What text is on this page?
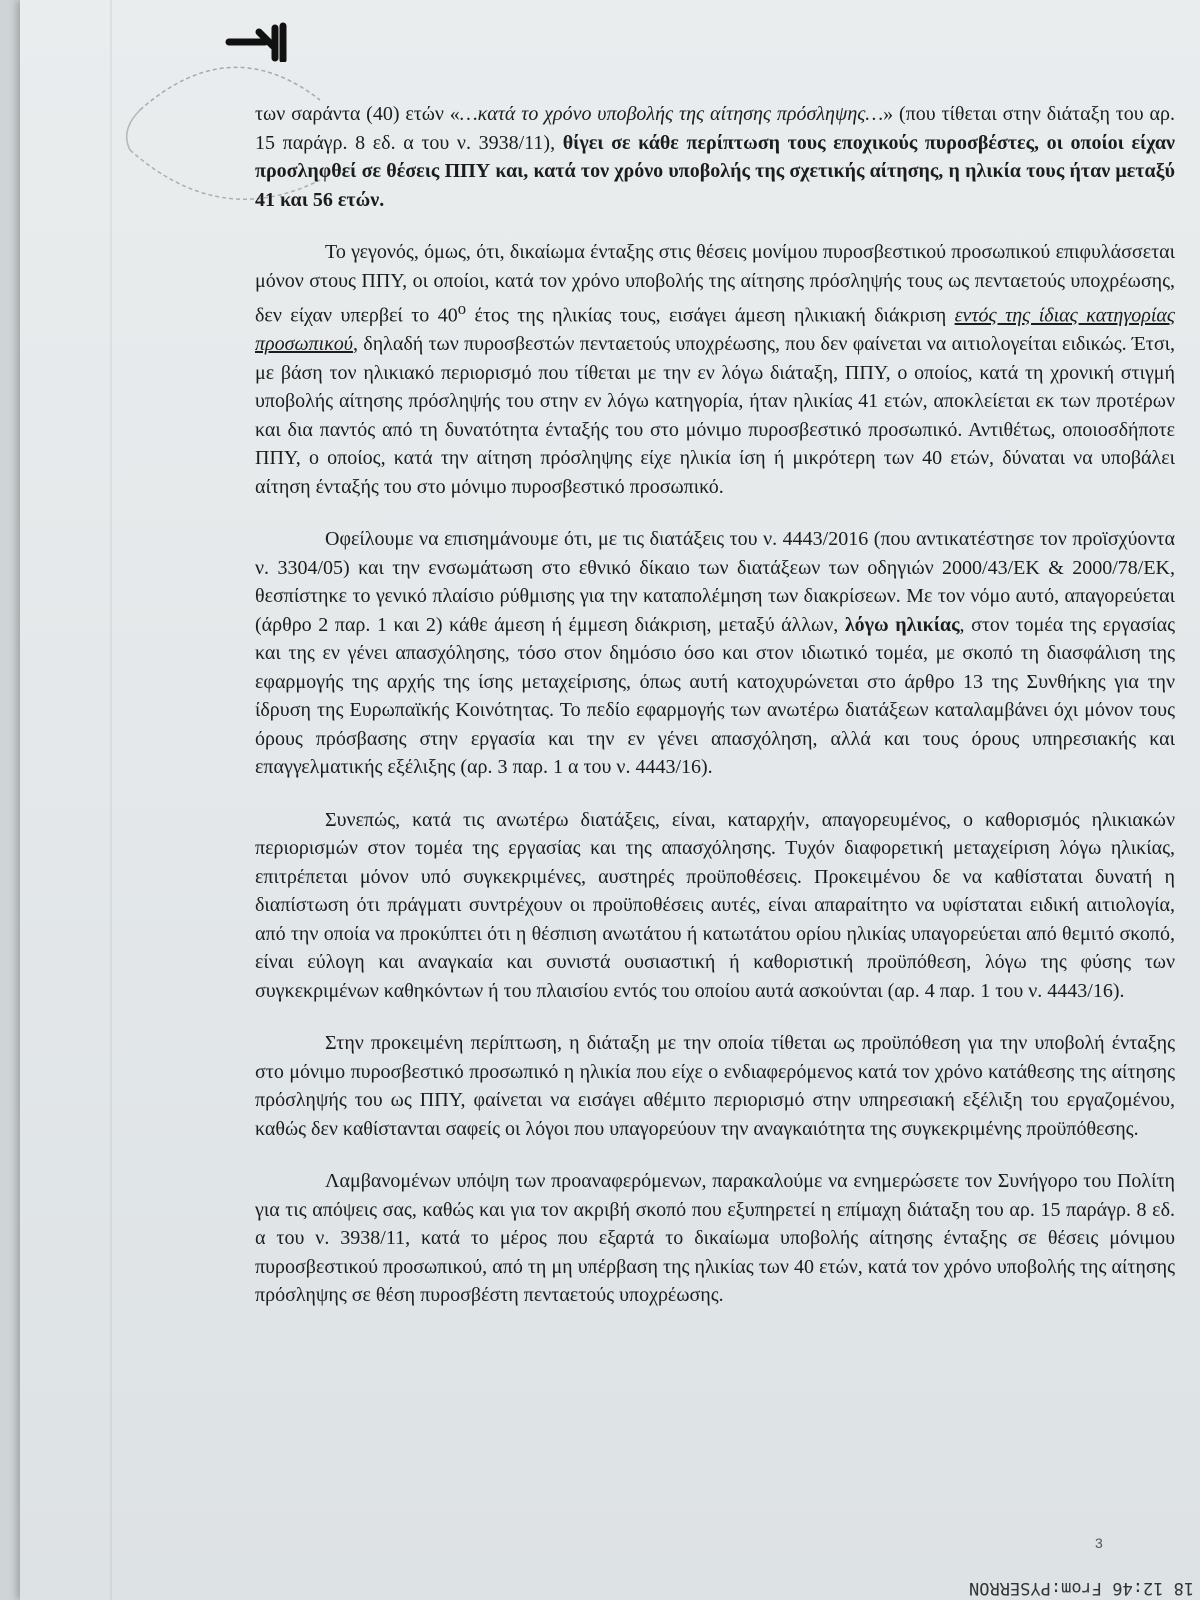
των σαράντα (40) ετών «…κατά το χρόνο υποβολής της αίτησης πρόσληψης…» (που τίθεται στην διάταξη του αρ. 15 παράγρ. 8 εδ. α του ν. 3938/11), θίγει σε κάθε περίπτωση τους εποχικούς πυροσβέστες, οι οποίοι είχαν προσληφθεί σε θέσεις ΠΠΥ και, κατά τον χρόνο υποβολής της σχετικής αίτησης, η ηλικία τους ήταν μεταξύ 41 και 56 ετών.

Το γεγονός, όμως, ότι, δικαίωμα ένταξης στις θέσεις μονίμου πυροσβεστικού προσωπικού επιφυλάσσεται μόνον στους ΠΠΥ, οι οποίοι, κατά τον χρόνο υποβολής της αίτησης πρόσληψής τους ως πενταετούς υποχρέωσης, δεν είχαν υπερβεί το $40^o$ έτος της ηλικίας τους, εισάγει άμεση ηλικιακή διάκριση εντός της ίδιας κατηγορίας προσωπικού, δηλαδή των πυροσβεστών πενταετούς υποχρέωσης, που δεν φαίνεται να αιτιολογείται ειδικώς. Έτσι, με βάση τον ηλικιακό περιορισμό που τίθεται με την εν λόγω διάταξη, ΠΠΥ, ο οποίος, κατά τη χρονική στιγμή υποβολής αίτησης πρόσληψής του στην εν λόγω κατηγορία, ήταν ηλικίας 41 ετών, αποκλείεται εκ των προτέρων και δια παντός από τη δυνατότητα ένταξής του στο μόνιμο πυροσβεστικό προσωπικό. Αντιθέτως, οποιοσδήποτε ΠΠΥ, ο οποίος, κατά την αίτηση πρόσληψης είχε ηλικία ίση ή μικρότερη των 40 ετών, δύναται να υποβάλει αίτηση ένταξής του στο μόνιμο πυροσβεστικό προσωπικό.

Οφείλουμε να επισημάνουμε ότι, με τις διατάξεις του ν. 4443/2016 (που αντικατέστησε τον προϊσχύοντα ν. 3304/05) και την ενσωμάτωση στο εθνικό δίκαιο των διατάξεων των οδηγιών 2000/43/ΕΚ & 2000/78/ΕΚ, θεσπίστηκε το γενικό πλαίσιο ρύθμισης για την καταπολέμηση των διακρίσεων. Με τον νόμο αυτό, απαγορεύεται (άρθρο 2 παρ. 1 και 2) κάθε άμεση ή έμμεση διάκριση, μεταξύ άλλων, λόγω ηλικίας, στον τομέα της εργασίας και της εν γένει απασχόλησης, τόσο στον δημόσιο όσο και στον ιδιωτικό τομέα, με σκοπό τη διασφάλιση της εφαρμογής της αρχής της ίσης μεταχείρισης, όπως αυτή κατοχυρώνεται στο άρθρο 13 της Συνθήκης για την ίδρυση της Ευρωπαϊκής Κοινότητας. Το πεδίο εφαρμογής των ανωτέρω διατάξεων καταλαμβάνει όχι μόνον τους όρους πρόσβασης στην εργασία και την εν γένει απασχόληση, αλλά και τους όρους υπηρεσιακής και επαγγελματικής εξέλιξης (αρ. 3 παρ. 1 α του ν. 4443/16).

Συνεπώς, κατά τις ανωτέρω διατάξεις, είναι, καταρχήν, απαγορευμένος, ο καθορισμός ηλικιακών περιορισμών στον τομέα της εργασίας και της απασχόλησης. Τυχόν διαφορετική μεταχείριση λόγω ηλικίας, επιτρέπεται μόνον υπό συγκεκριμένες, αυστηρές προϋποθέσεις. Προκειμένου δε να καθίσταται δυνατή η διαπίστωση ότι πράγματι συντρέχουν οι προϋποθέσεις αυτές, είναι απαραίτητο να υφίσταται ειδική αιτιολογία, από την οποία να προκύπτει ότι η θέσπιση ανωτάτου ή κατωτάτου ορίου ηλικίας υπαγορεύεται από θεμιτό σκοπό, είναι εύλογη και αναγκαία και συνιστά ουσιαστική ή καθοριστική προϋπόθεση, λόγω της φύσης των συγκεκριμένων καθηκόντων ή του πλαισίου εντός του οποίου αυτά ασκούνται (αρ. 4 παρ. 1 του ν. 4443/16).

Στην προκειμένη περίπτωση, η διάταξη με την οποία τίθεται ως προϋπόθεση για την υποβολή ένταξης στο μόνιμο πυροσβεστικό προσωπικό η ηλικία που είχε ο ενδιαφερόμενος κατά τον χρόνο κατάθεσης της αίτησης πρόσληψής του ως ΠΠΥ, φαίνεται να εισάγει αθέμιτο περιορισμό στην υπηρεσιακή εξέλιξη του εργαζομένου, καθώς δεν καθίστανται σαφείς οι λόγοι που υπαγορεύουν την αναγκαιότητα της συγκεκριμένης προϋπόθεσης.

Λαμβανομένων υπόψη των προαναφερόμενων, παρακαλούμε να ενημερώσετε τον Συνήγορο του Πολίτη για τις απόψεις σας, καθώς και για τον ακριβή σκοπό που εξυπηρετεί η επίμαχη διάταξη του αρ. 15 παράγρ. 8 εδ. α του ν. 3938/11, κατά το μέρος που εξαρτά το δικαίωμα υποβολής αίτησης ένταξης σε θέσεις μόνιμου πυροσβεστικού προσωπικού, από τη μη υπέρβαση της ηλικίας των 40 ετών, κατά τον χρόνο υποβολής της αίτησης πρόσληψης σε θέση πυροσβέστη πενταετούς υποχρέωσης.

3
18 12:46 From:PYSERRON
